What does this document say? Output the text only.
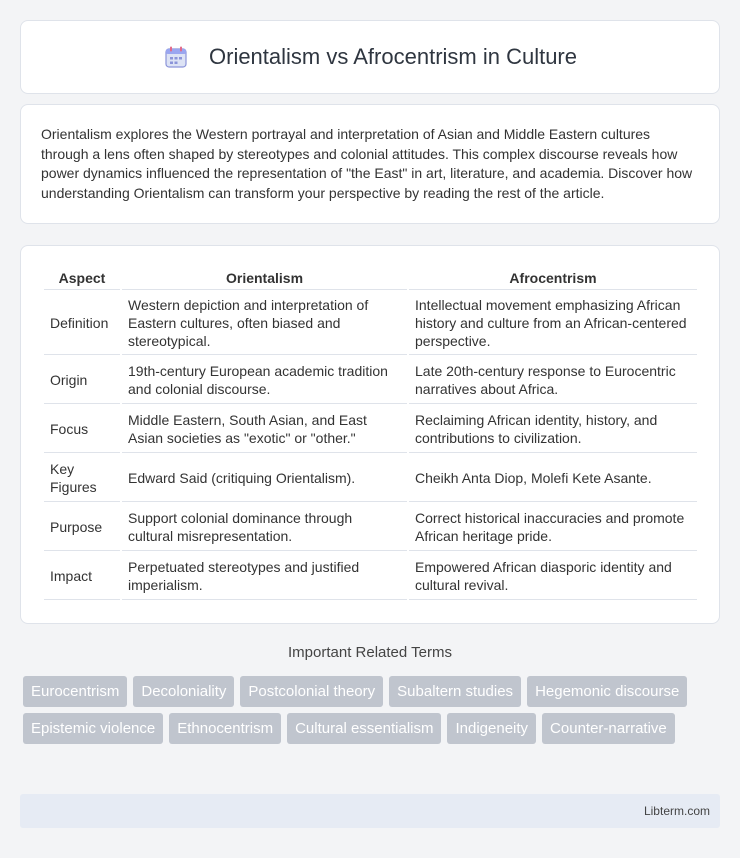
Orientalism vs Afrocentrism in Culture

Orientalism explores the Western portrayal and interpretation of Asian and Middle Eastern cultures through a lens often shaped by stereotypes and colonial attitudes. This complex discourse reveals how power dynamics influenced the representation of "the East" in art, literature, and academia. Discover how understanding Orientalism can transform your perspective by reading the rest of the article.

Aspect	Orientalism	Afrocentrism
Definition	Western depiction and interpretation of Eastern cultures, often biased and stereotypical.	Intellectual movement emphasizing African history and culture from an African-centered perspective.
Origin	19th-century European academic tradition and colonial discourse.	Late 20th-century response to Eurocentric narratives about Africa.
Focus	Middle Eastern, South Asian, and East Asian societies as "exotic" or "other."	Reclaiming African identity, history, and contributions to civilization.
Key Figures	Edward Said (critiquing Orientalism).	Cheikh Anta Diop, Molefi Kete Asante.
Purpose	Support colonial dominance through cultural misrepresentation.	Correct historical inaccuracies and promote African heritage pride.
Impact	Perpetuated stereotypes and justified imperialism.	Empowered African diasporic identity and cultural revival.
Important Related Terms
Eurocentrism	Decoloniality	Postcolonial theory	Subaltern studies	Hegemonic discourse
Epistemic violence	Ethnocentrism	Cultural essentialism	Indigeneity	Counter-narrative
Libterm.com
